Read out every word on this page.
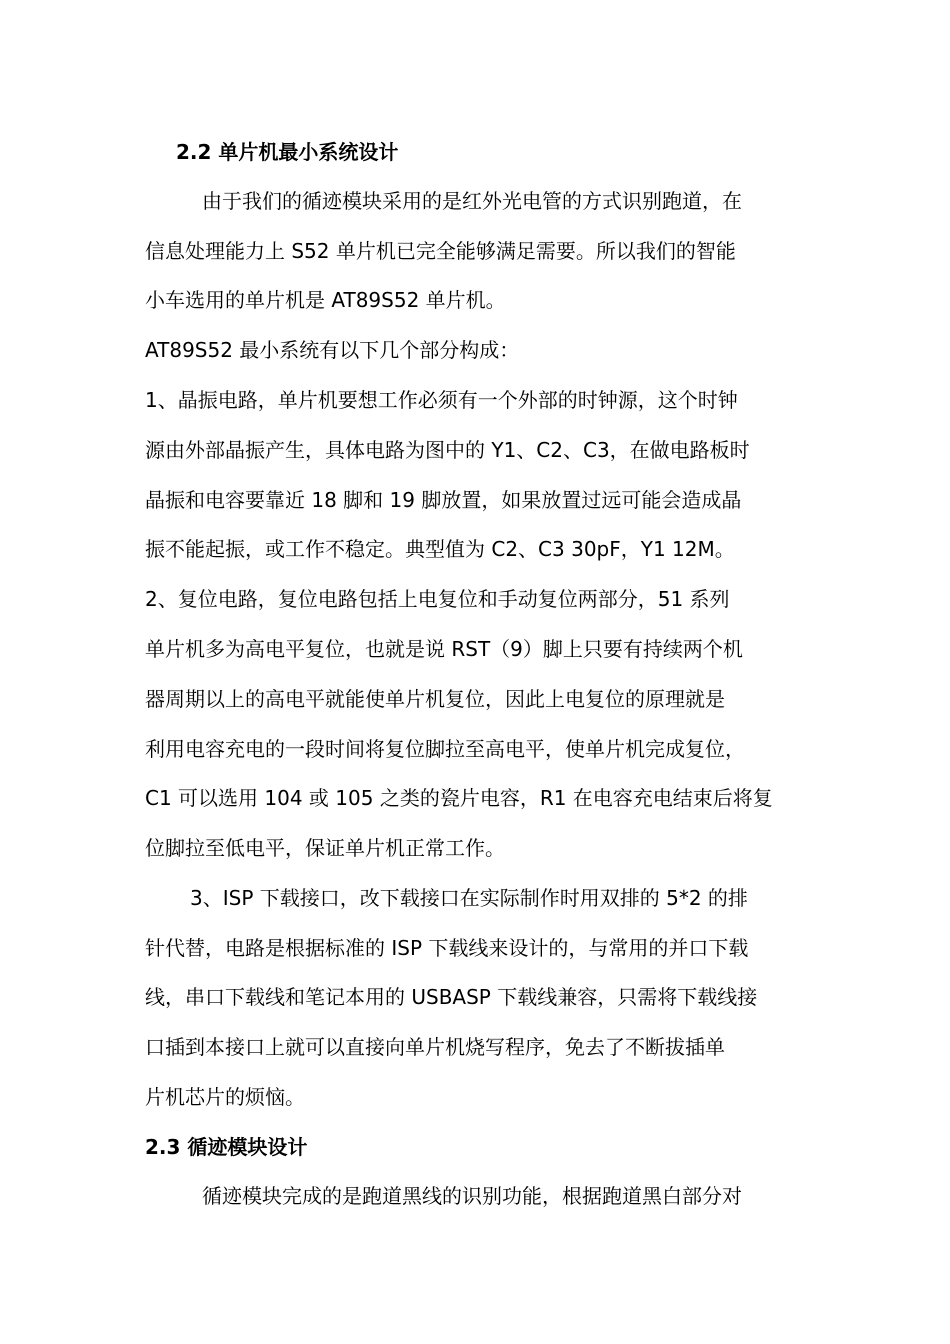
2.2 单片机最小系统设计
由于我们的循迹模块采用的是红外光电管的方式识别跑道，在
信息处理能力上 S52 单片机已完全能够满足需要。所以我们的智能
小车选用的单片机是 AT89S52 单片机。
AT89S52 最小系统有以下几个部分构成：
1、晶振电路，单片机要想工作必须有一个外部的时钟源，这个时钟
源由外部晶振产生，具体电路为图中的 Y1、C2、C3，在做电路板时
晶振和电容要靠近 18 脚和 19 脚放置，如果放置过远可能会造成晶
振不能起振，或工作不稳定。典型值为 C2、C3 30pF，Y1 12M。
2、复位电路，复位电路包括上电复位和手动复位两部分，51 系列
单片机多为高电平复位，也就是说 RST（9）脚上只要有持续两个机
器周期以上的高电平就能使单片机复位，因此上电复位的原理就是
利用电容充电的一段时间将复位脚拉至高电平，使单片机完成复位，
C1 可以选用 104 或 105 之类的瓷片电容，R1 在电容充电结束后将复
位脚拉至低电平，保证单片机正常工作。
3、ISP 下载接口，改下载接口在实际制作时用双排的 5*2 的排
针代替，电路是根据标准的 ISP 下载线来设计的，与常用的并口下载
线，串口下载线和笔记本用的 USBASP 下载线兼容，只需将下载线接
口插到本接口上就可以直接向单片机烧写程序，免去了不断拔插单
片机芯片的烦恼。
2.3 循迹模块设计
循迹模块完成的是跑道黑线的识别功能，根据跑道黑白部分对
